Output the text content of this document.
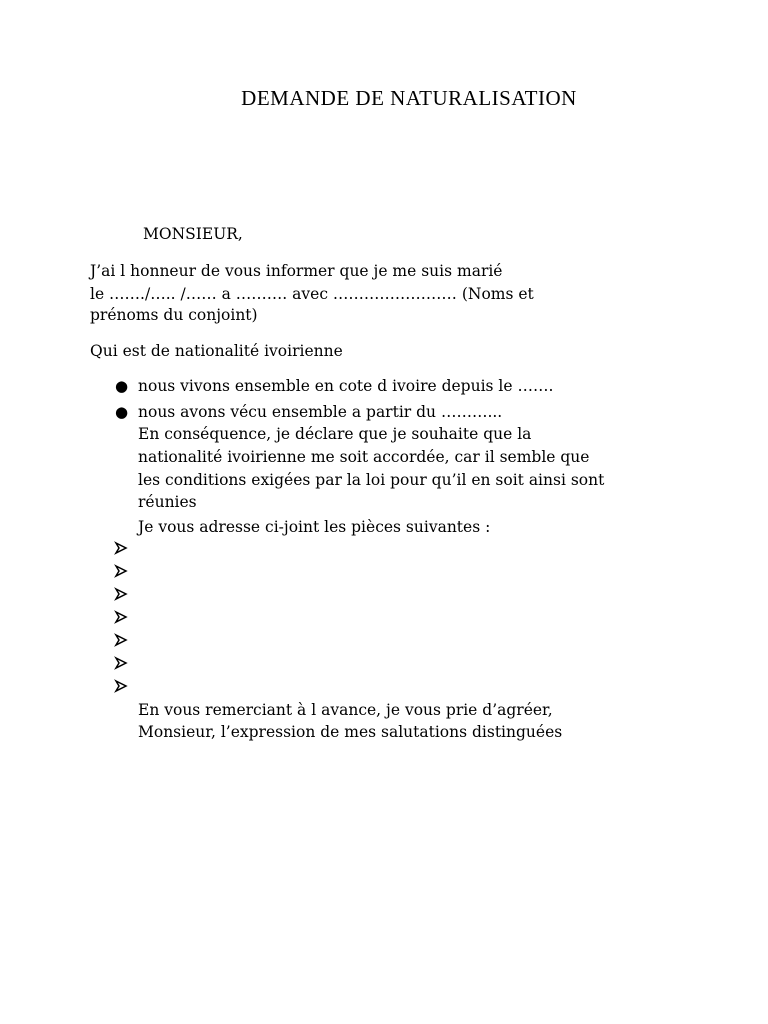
DEMANDE DE NATURALISATION
MONSIEUR,
J’ai l honneur de vous informer que je me suis marié
le ……./….. /…… a ………. avec …………………… (Noms et
prénoms du conjoint)
Qui est de nationalité ivoirienne
● nous vivons ensemble en cote d ivoire depuis le …….
● nous avons vécu ensemble a partir du ………...
En conséquence, je déclare que je souhaite que la
nationalité ivoirienne me soit accordée, car il semble que
les conditions exigées par la loi pour qu’il en soit ainsi sont
réunies
Je vous adresse ci-joint les pièces suivantes :
En vous remerciant à l avance, je vous prie d’agréer,
Monsieur, l’expression de mes salutations distinguées
